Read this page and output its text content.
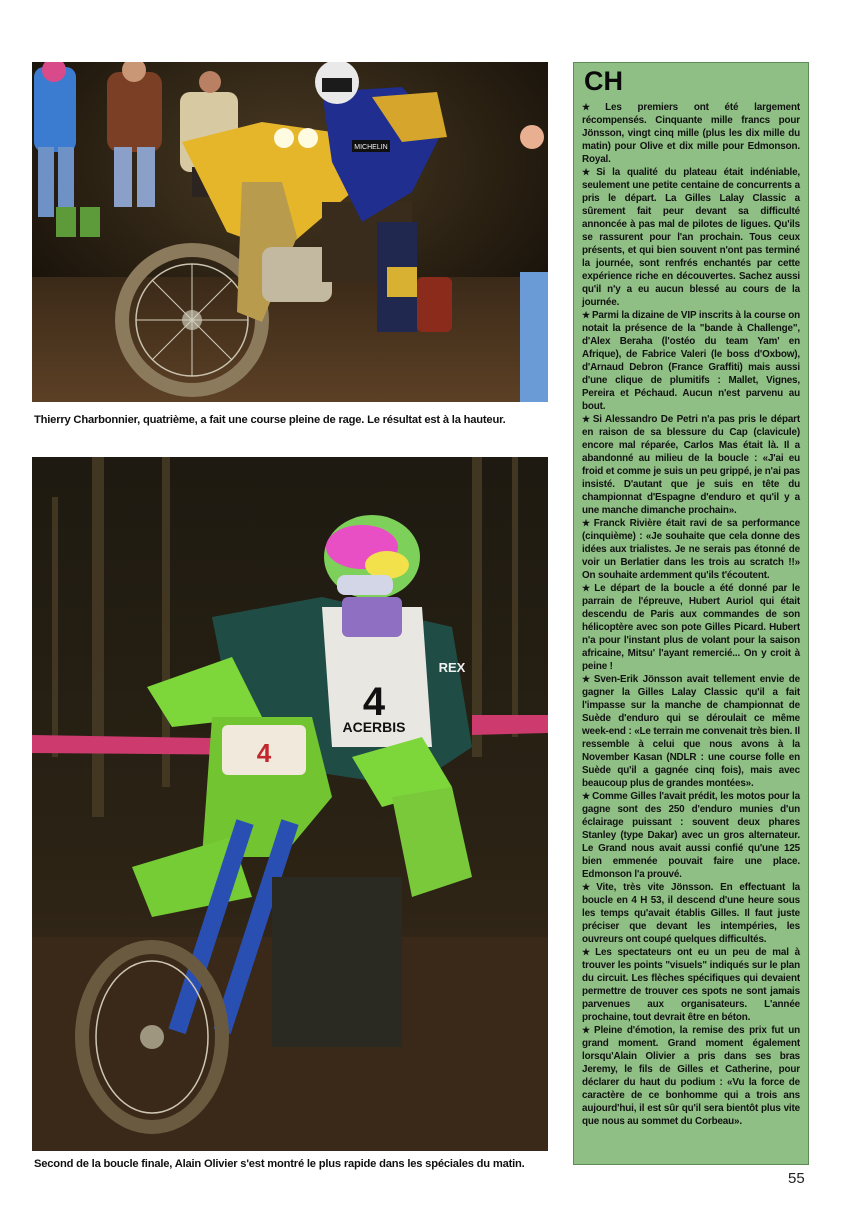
MICHELIN
Thierry Charbonnier, quatrième, a fait une course pleine de rage. Le résultat est à la hauteur.
4
ACERBIS
REX
4
Second de la boucle finale, Alain Olivier s'est montré le plus rapide dans les spéciales du matin.
CH

★ Les premiers ont été largement récompensés. Cinquante mille francs pour Jönsson, vingt cinq mille (plus les dix mille du matin) pour Olive et dix mille pour Edmonson. Royal.

★ Si la qualité du plateau était indéniable, seulement une petite centaine de concurrents a pris le départ. La Gilles Lalay Classic a sûrement fait peur devant sa difficulté annoncée à pas mal de pilotes de ligues. Qu'ils se rassurent pour l'an prochain. Tous ceux présents, et qui bien souvent n'ont pas terminé la journée, sont renfrés enchantés par cette expérience riche en découvertes. Sachez aussi qu'il n'y a eu aucun blessé au cours de la journée.

★ Parmi la dizaine de VIP inscrits à la course on notait la présence de la "bande à Challenge", d'Alex Beraha (l'ostéo du team Yam' en Afrique), de Fabrice Valeri (le boss d'Oxbow), d'Arnaud Debron (France Graffiti) mais aussi d'une clique de plumitifs : Mallet, Vignes, Pereira et Péchaud. Aucun n'est parvenu au bout.

★ Si Alessandro De Petri n'a pas pris le départ en raison de sa blessure du Cap (clavicule) encore mal réparée, Carlos Mas était là. Il a abandonné au milieu de la boucle : «J'ai eu froid et comme je suis un peu grippé, je n'ai pas insisté. D'autant que je suis en tête du championnat d'Espagne d'enduro et qu'il y a une manche dimanche prochain».

★ Franck Rivière était ravi de sa performance (cinquième) : «Je souhaite que cela donne des idées aux trialistes. Je ne serais pas étonné de voir un Berlatier dans les trois au scratch !!» On souhaite ardemment qu'ils t'écoutent.

★ Le départ de la boucle a été donné par le parrain de l'épreuve, Hubert Auriol qui était descendu de Paris aux commandes de son hélicoptère avec son pote Gilles Picard. Hubert n'a pour l'instant plus de volant pour la saison africaine, Mitsu' l'ayant remercié... On y croit à peine !

★ Sven-Erik Jönsson avait tellement envie de gagner la Gilles Lalay Classic qu'il a fait l'impasse sur la manche de championnat de Suède d'enduro qui se déroulait ce même week-end : «Le terrain me convenait très bien. Il ressemble à celui que nous avons à la November Kasan (NDLR : une course folle en Suède qu'il a gagnée cinq fois), mais avec beaucoup plus de grandes montées».

★ Comme Gilles l'avait prédit, les motos pour la gagne sont des 250 d'enduro munies d'un éclairage puissant : souvent deux phares Stanley (type Dakar) avec un gros alternateur. Le Grand nous avait aussi confié qu'une 125 bien emmenée pouvait faire une place. Edmonson l'a prouvé.

★ Vite, très vite Jönsson. En effectuant la boucle en 4 H 53, il descend d'une heure sous les temps qu'avait établis Gilles. Il faut juste préciser que devant les intempéries, les ouvreurs ont coupé quelques difficultés.

★ Les spectateurs ont eu un peu de mal à trouver les points "visuels" indiqués sur le plan du circuit. Les flèches spécifiques qui devaient permettre de trouver ces spots ne sont jamais parvenues aux organisateurs. L'année prochaine, tout devrait être en béton.

★ Pleine d'émotion, la remise des prix fut un grand moment. Grand moment également lorsqu'Alain Olivier a pris dans ses bras Jeremy, le fils de Gilles et Catherine, pour déclarer du haut du podium : «Vu la force de caractère de ce bonhomme qui a trois ans aujourd'hui, il est sûr qu'il sera bientôt plus vite que nous au sommet du Corbeau».

55
